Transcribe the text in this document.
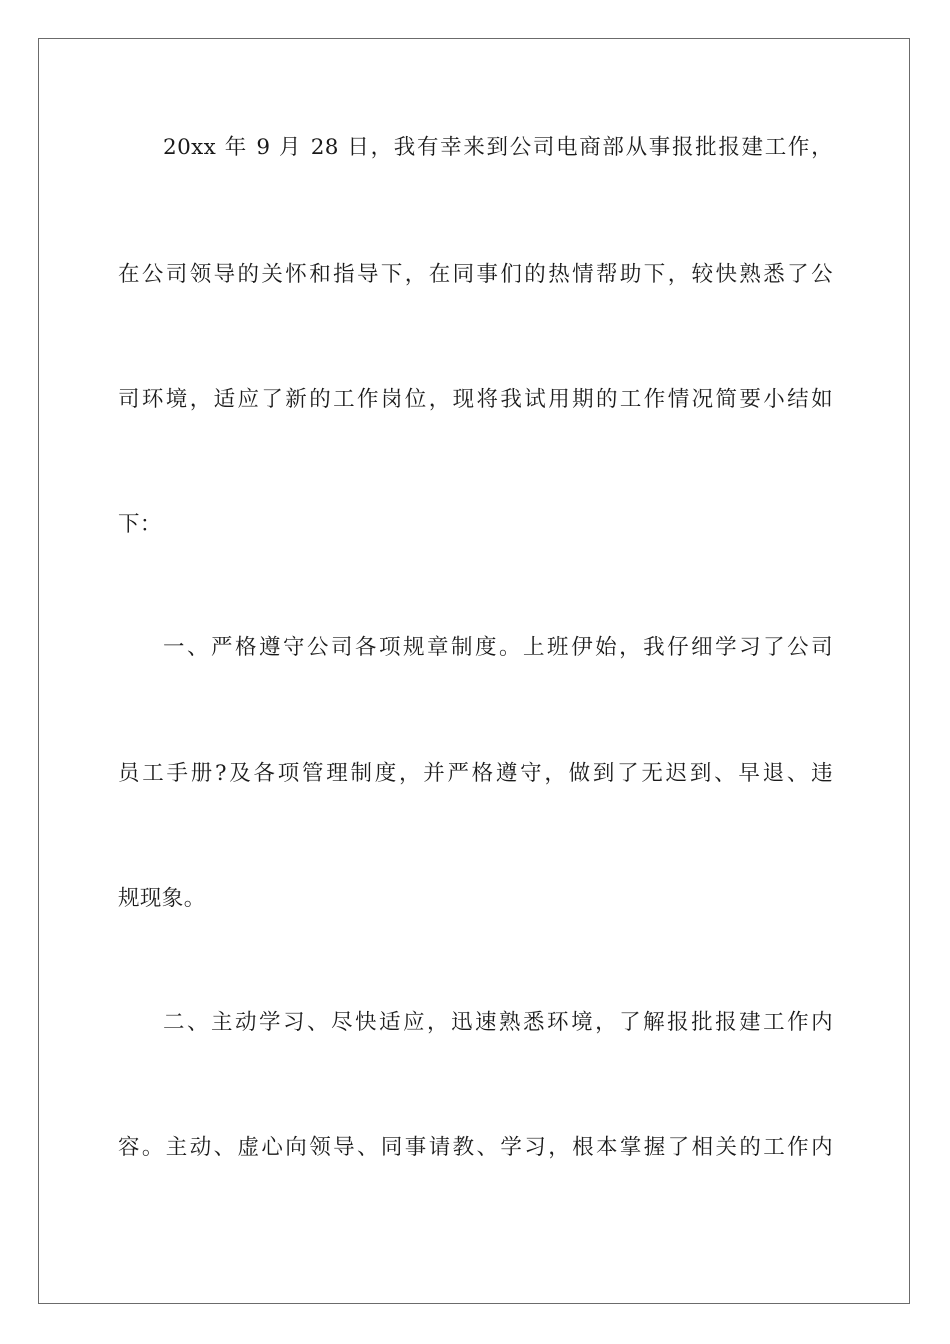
20xx 年 9 月 28 日，我有幸来到公司电商部从事报批报建工作，
在公司领导的关怀和指导下，在同事们的热情帮助下，较快熟悉了公
司环境，适应了新的工作岗位，现将我试用期的工作情况简要小结如
下：
一、严格遵守公司各项规章制度。上班伊始，我仔细学习了公司
员工手册?及各项管理制度，并严格遵守，做到了无迟到、早退、违
规现象。
二、主动学习、尽快适应，迅速熟悉环境，了解报批报建工作内
容。主动、虚心向领导、同事请教、学习，根本掌握了相关的工作内
